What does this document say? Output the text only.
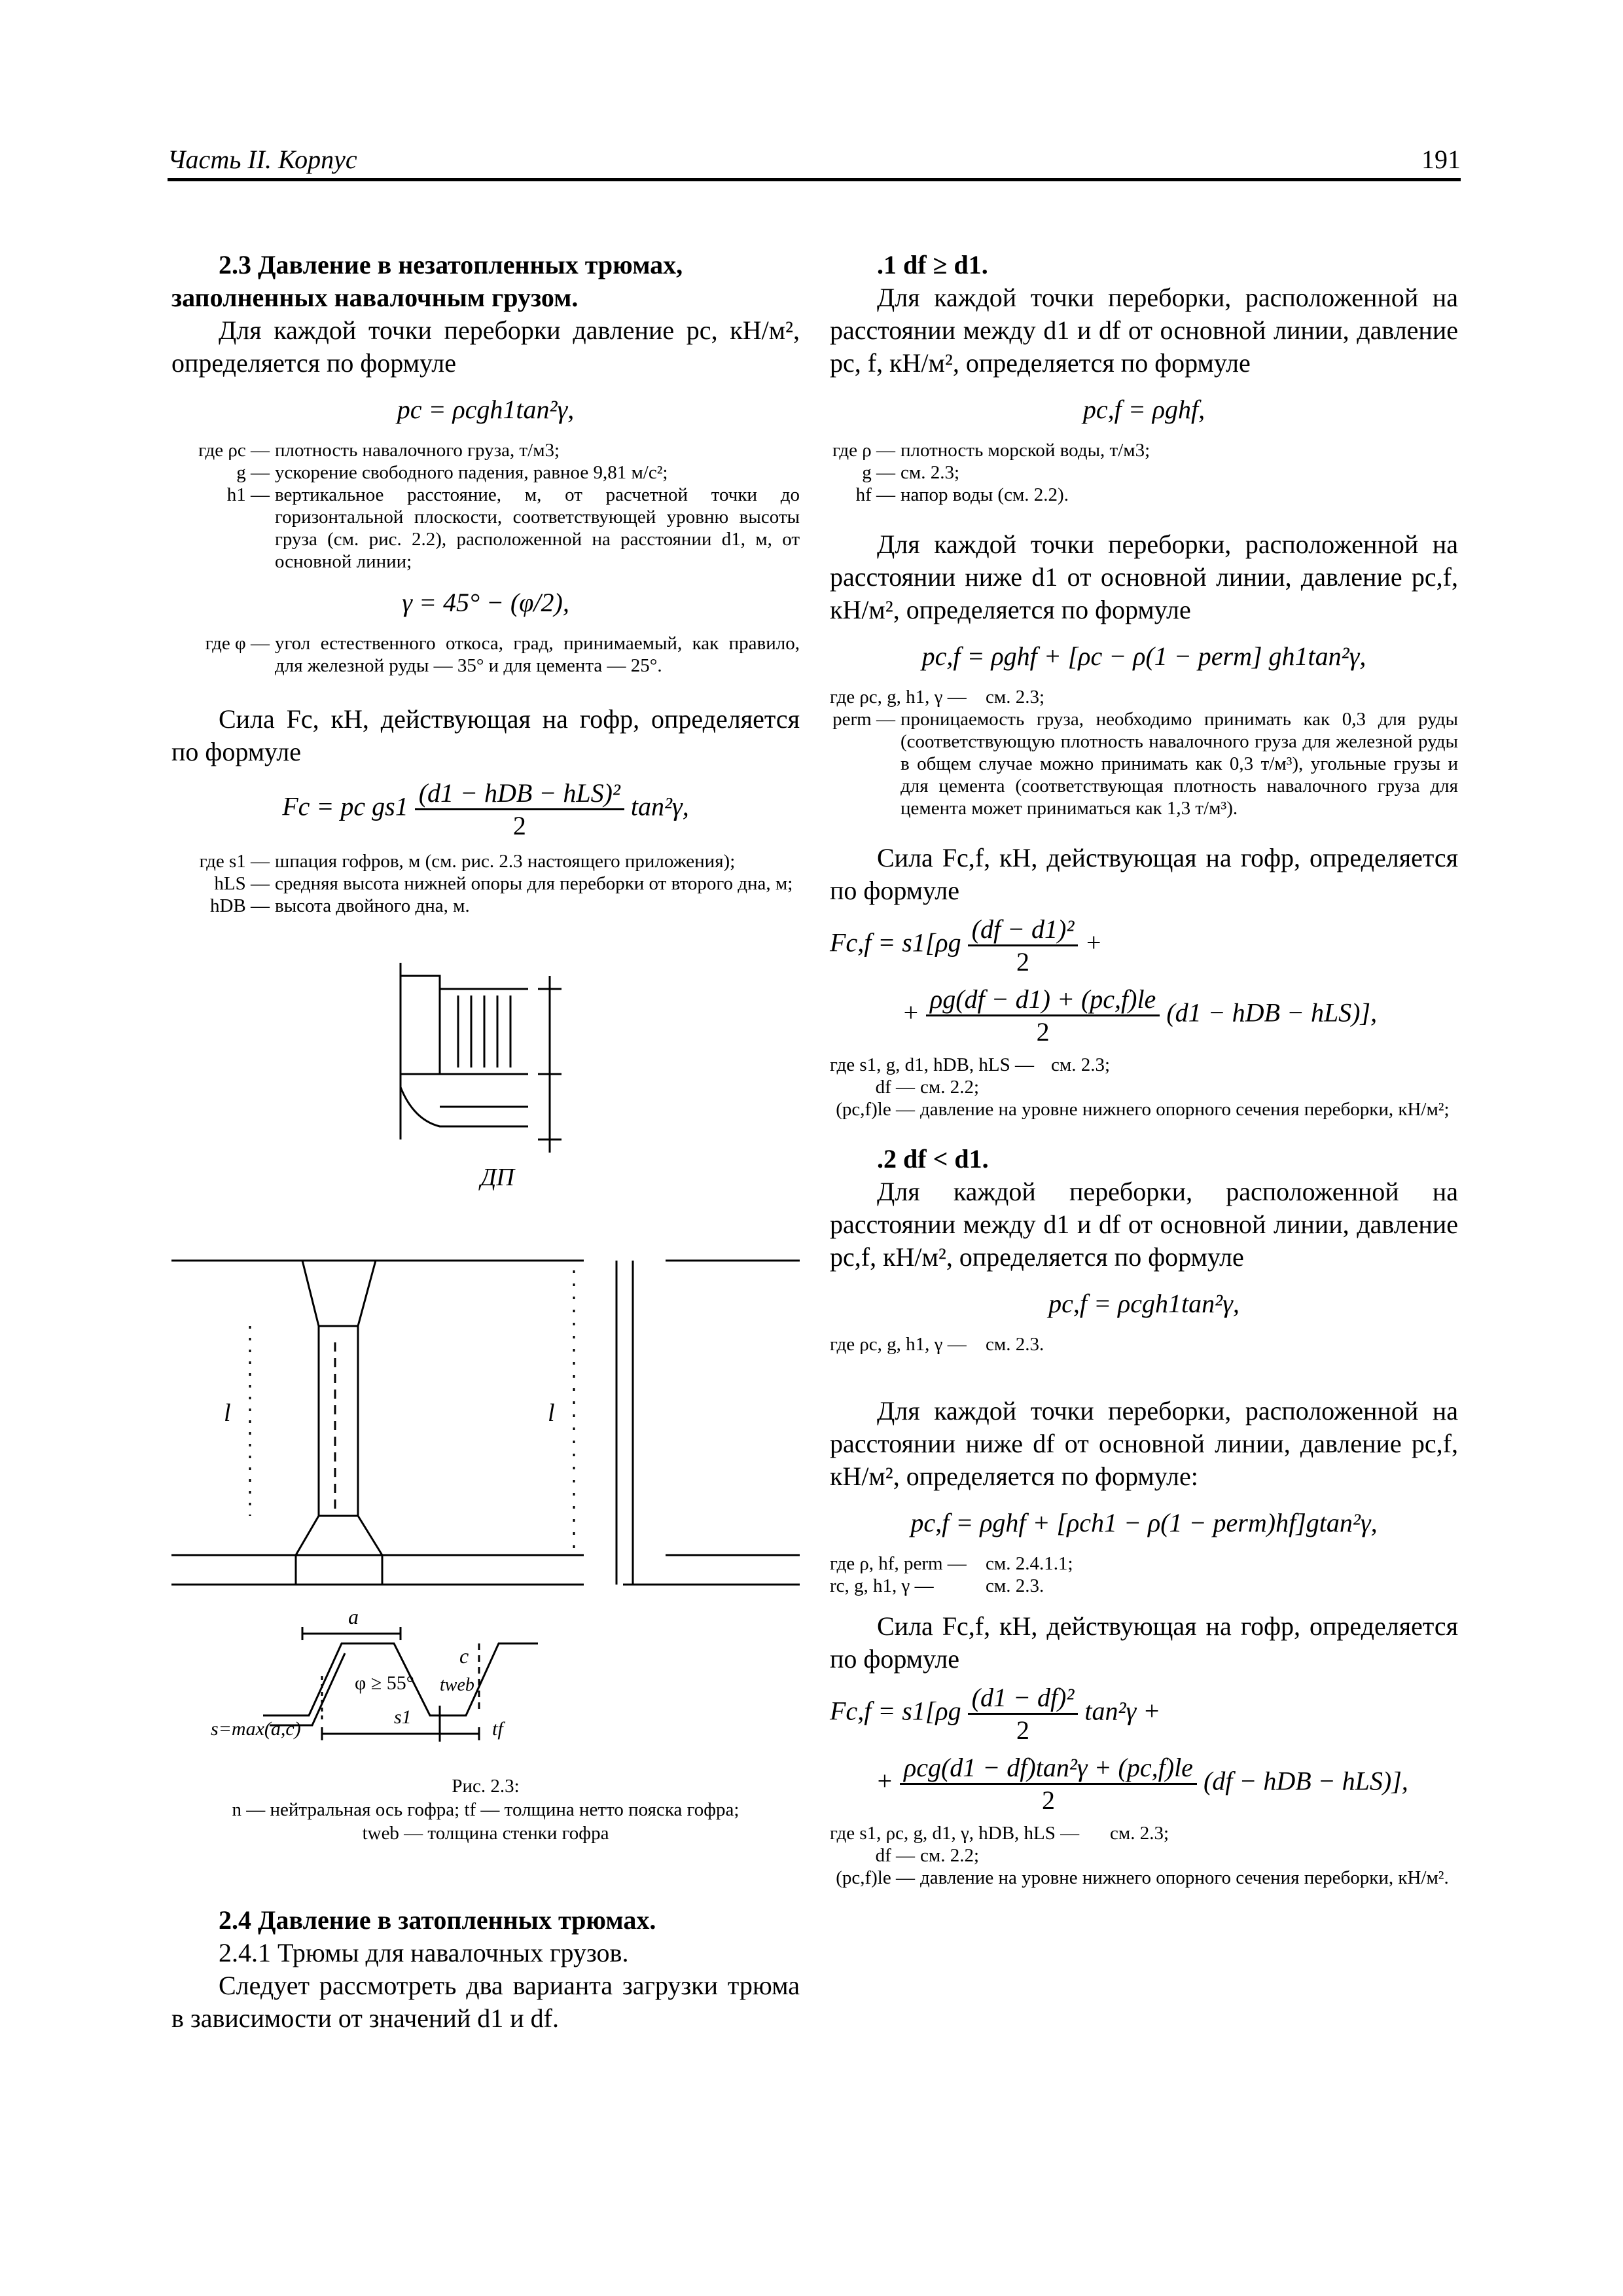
Часть II. Корпус	191

2.3 Давление в незатопленных трюмах, заполненных навалочным грузом.

Для каждой точки переборки давление pc, кН/м², определяется по формуле

pc = ρcgh1tan²γ,

где ρc — плотность навалочного груза, т/м3;
g — ускорение свободного падения, равное 9,81 м/с²;
h1 — вертикальное расстояние, м, от расчетной точки до горизонтальной плоскости, соответствующей уровню высоты груза (см. рис. 2.2), расположенной на расстоянии d1, м, от основной линии;

γ = 45° − (φ/2),

где φ — угол естественного откоса, град, принимаемый, как правило, для железной руды — 35° и для цемента — 25°.

Сила Fc, кН, действующая на гофр, определяется по формуле

Fc = pc $gs1 \frac{\text{(d1 − hDB − hLS)²}}{2} \tan^2\gamma$,

где s1 — шпация гофров, м (см. рис. 2.3 настоящего приложения);
hLS — средняя высота нижней опоры для переборки от второго дна, м;
hDB — высота двойного дна, м.
ДП
l	l
a
c
φ ≥ 55° tweb
s1
tf
s=max(a,c)

Рис. 2.3:

n — нейтральная ось гофра; tf — толщина нетто пояска гофра;

tweb — толщина стенки гофра

2.4 Давление в затопленных трюмах.

2.4.1 Трюмы для навалочных грузов.

Следует рассмотреть два варианта загрузки трюма в зависимости от значений d1 и df.

.1 df ≥ d1.

Для каждой точки переборки, расположенной на расстоянии между d1 и df от основной линии, давление pc, f, кН/м², определяется по формуле

pc,f = ρghf,

где ρ — плотность морской воды, т/м3;
g — см. 2.3;
hf — напор воды (см. 2.2).

Для каждой точки переборки, расположенной на расстоянии ниже d1 от основной линии, давление pc,f, кН/м², определяется по формуле

pc,f = ρghf + [ρc − ρ(1 − perm] gh1tan²γ,

где ρc, g, h1, γ —	см. 2.3;
perm — проницаемость груза, необходимо принимать как 0,3 для руды (соответствующую плотность навалочного груза для железной руды в общем случае можно принимать как 0,3 т/м³), угольные грузы и для цемента (соответствующая плотность навалочного груза для цемента может приниматься как 1,3 т/м³).

Сила Fc,f, кН, действующая на гофр, определяется по формуле

$Fc,f = s1[\rho g \frac{\text{(df − d1)²}}{2}$ +

+ $\frac{\rho g(df - d1) + (pc,f)le}{2} (d1$ − hDB − hLS)],

где s1, g, d1, hDB, hLS — см. 2.3;
df — см. 2.2;
(pc,f)le — давление на уровне нижнего опорного сечения переборки, кН/м²;

.2 df < d1.

Для каждой переборки, расположенной на расстоянии между d1 и df от основной линии, давление pc,f, кН/м², определяется по формуле

pc,f = ρcgh1tan²γ,

где ρc, g, h1, γ —	см. 2.3.

Для каждой точки переборки, расположенной на расстоянии ниже df от основной линии, давление pc,f, кН/м², определяется по формуле:

pc,f = ρghf + [ρch1 − ρ(1 − perm)hf]gtan²γ,

где ρ, hf, perm —	см. 2.4.1.1;
rc, g, h1, γ —	см. 2.3.

Сила Fc,f, кН, действующая на гофр, определяется по формуле

$Fc,f = s1[\rho g \frac{\text{(d1 − df)²}}{2} \tan^2\gamma$ +

+ $\frac{\text{ρcg(d1 − df)tan²γ + (pc,f)le}}{2} (df$ − hDB − hLS)],

где s1, ρc, g, d1, γ, hDB, hLS —	см. 2.3;
df — см. 2.2;
(pc,f)le — давление на уровне нижнего опорного сечения переборки, кН/м².
